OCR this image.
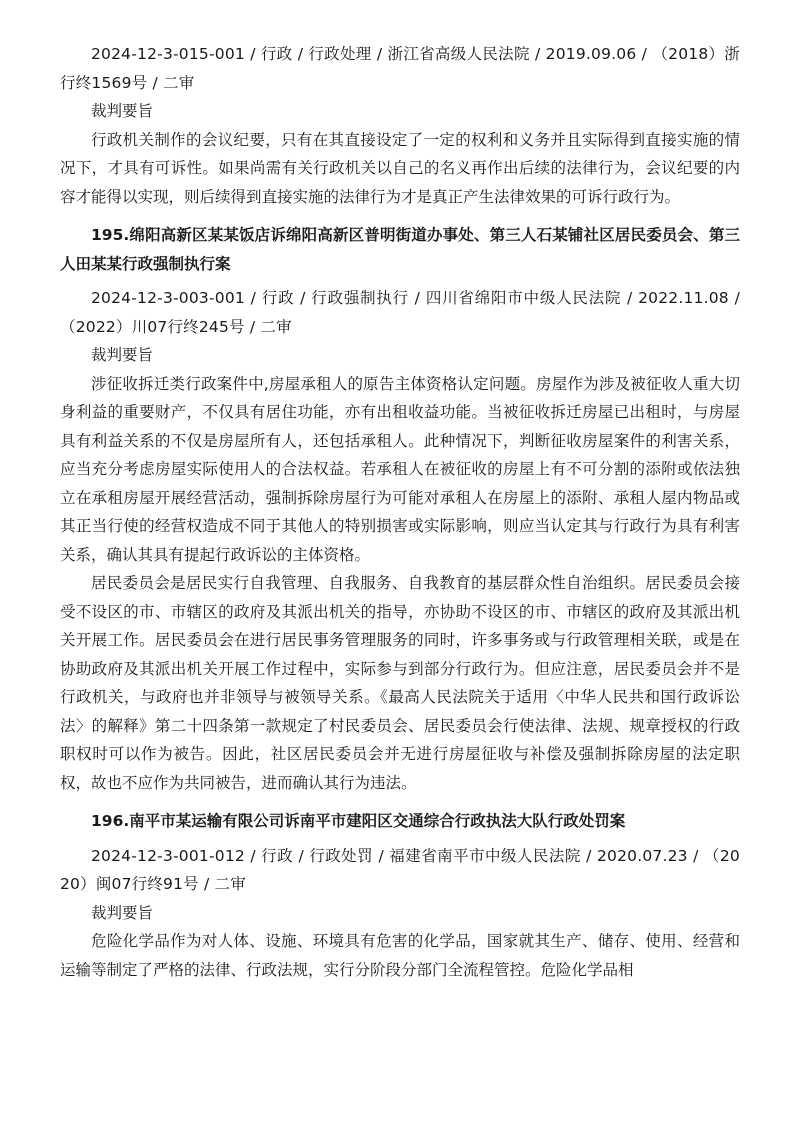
2024-12-3-015-001 / 行政 / 行政处理 / 浙江省高级人民法院 / 2019.09.06 / （2018）浙行终1569号 / 二审

裁判要旨

行政机关制作的会议纪要，只有在其直接设定了一定的权利和义务并且实际得到直接实施的情况下，才具有可诉性。如果尚需有关行政机关以自己的名义再作出后续的法律行为，会议纪要的内容才能得以实现，则后续得到直接实施的法律行为才是真正产生法律效果的可诉行政行为。

195.绵阳高新区某某饭店诉绵阳高新区普明街道办事处、第三人石某铺社区居民委员会、第三人田某某行政强制执行案

2024-12-3-003-001 / 行政 / 行政强制执行 / 四川省绵阳市中级人民法院 / 2022.11.08 / （2022）川07行终245号 / 二审

裁判要旨

涉征收拆迁类行政案件中,房屋承租人的原告主体资格认定问题。房屋作为涉及被征收人重大切身利益的重要财产，不仅具有居住功能，亦有出租收益功能。当被征收拆迁房屋已出租时，与房屋具有利益关系的不仅是房屋所有人，还包括承租人。此种情况下，判断征收房屋案件的利害关系，应当充分考虑房屋实际使用人的合法权益。若承租人在被征收的房屋上有不可分割的添附或依法独立在承租房屋开展经营活动，强制拆除房屋行为可能对承租人在房屋上的添附、承租人屋内物品或其正当行使的经营权造成不同于其他人的特别损害或实际影响，则应当认定其与行政行为具有利害关系，确认其具有提起行政诉讼的主体资格。

居民委员会是居民实行自我管理、自我服务、自我教育的基层群众性自治组织。居民委员会接受不设区的市、市辖区的政府及其派出机关的指导，亦协助不设区的市、市辖区的政府及其派出机关开展工作。居民委员会在进行居民事务管理服务的同时，许多事务或与行政管理相关联，或是在协助政府及其派出机关开展工作过程中，实际参与到部分行政行为。但应注意，居民委员会并不是行政机关，与政府也并非领导与被领导关系。《最高人民法院关于适用〈中华人民共和国行政诉讼法〉的解释》第二十四条第一款规定了村民委员会、居民委员会行使法律、法规、规章授权的行政职权时可以作为被告。因此，社区居民委员会并无进行房屋征收与补偿及强制拆除房屋的法定职权，故也不应作为共同被告，进而确认其行为违法。

196.南平市某运输有限公司诉南平市建阳区交通综合行政执法大队行政处罚案

2024-12-3-001-012 / 行政 / 行政处罚 / 福建省南平市中级人民法院 / 2020.07.23 / （2020）闽07行终91号 / 二审

裁判要旨

危险化学品作为对人体、设施、环境具有危害的化学品，国家就其生产、储存、使用、经营和运输等制定了严格的法律、行政法规，实行分阶段分部门全流程管控。危险化学品相
